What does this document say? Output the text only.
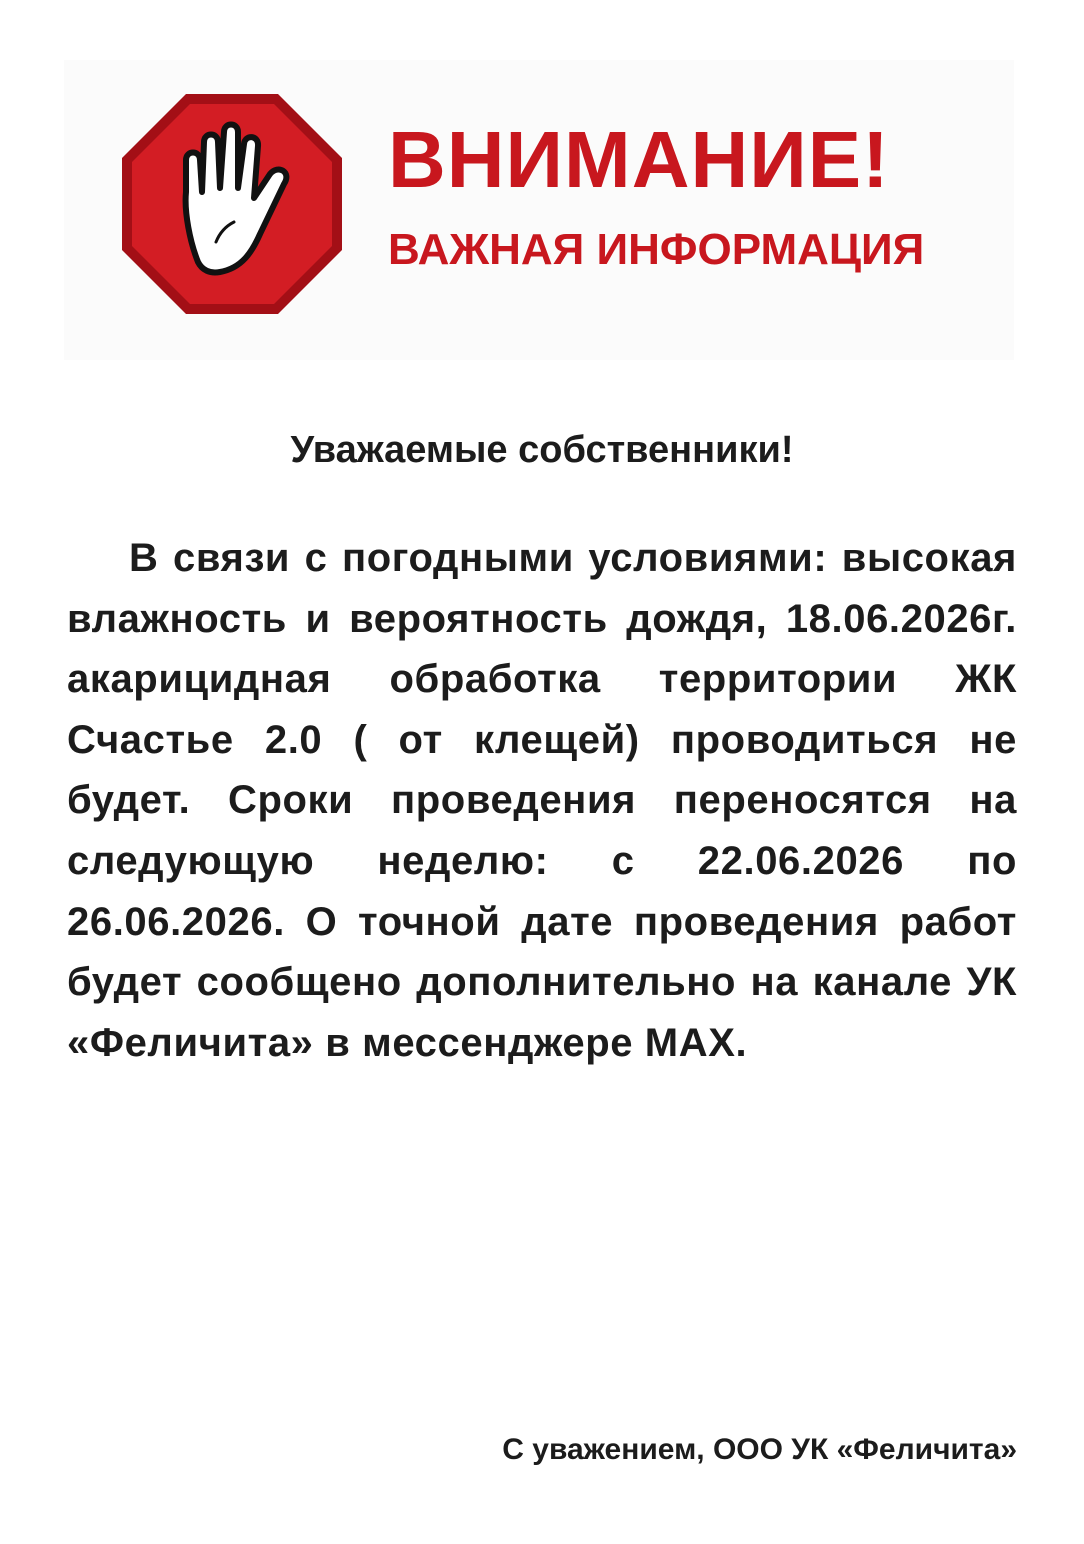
ВНИМАНИЕ!
ВАЖНАЯ ИНФОРМАЦИЯ
Уважаемые собственники!

В связи с погодными условиями: высокая влажность и вероятность дождя, 18.06.2026г. акарицидная обработка территории ЖК Счастье 2.0 ( от клещей) проводиться не будет. Сроки проведения переносятся на следующую неделю: с 22.06.2026 по 26.06.2026. О точной дате проведения работ будет сообщено дополнительно на канале УК «Феличита» в мессенджере MAX.

С уважением, ООО УК «Феличита»
